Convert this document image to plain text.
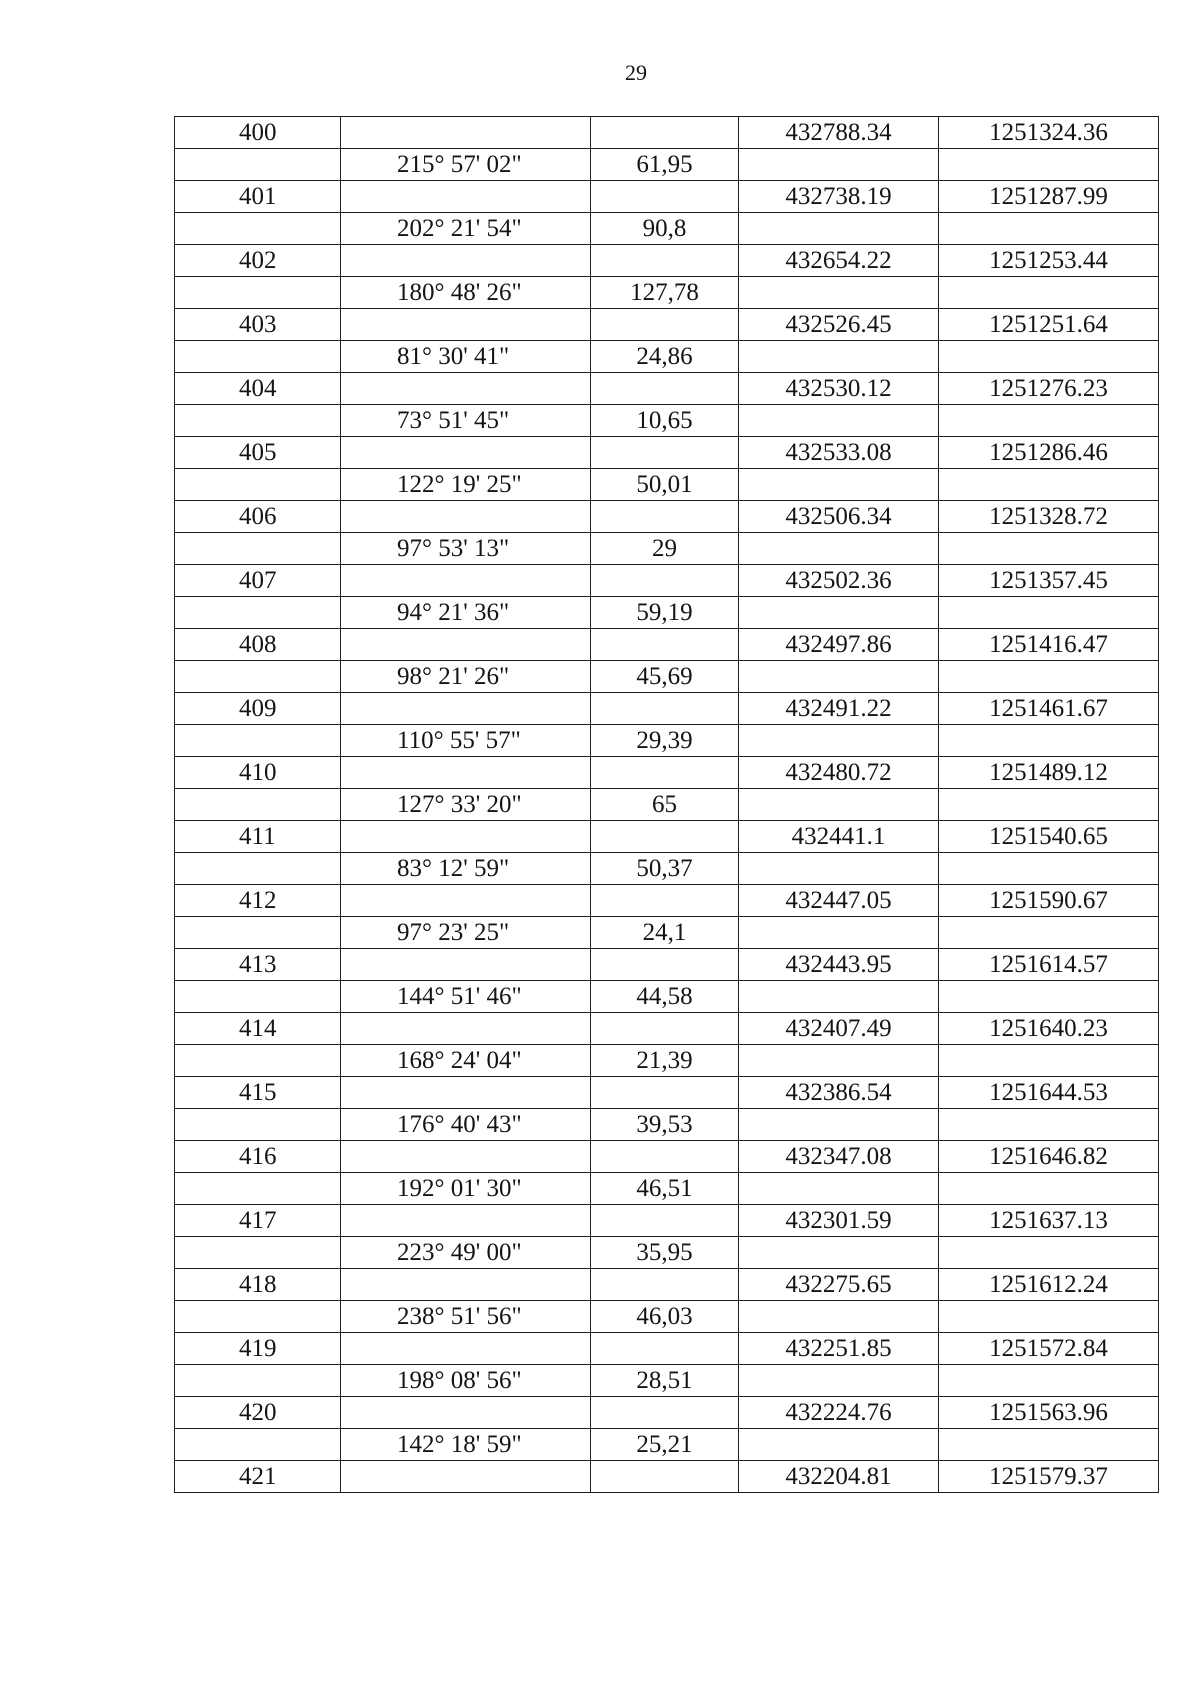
29
400			432788.34	1251324.36
	215° 57' 02"	61,95		
401			432738.19	1251287.99
	202° 21' 54"	90,8		
402			432654.22	1251253.44
	180° 48' 26"	127,78		
403			432526.45	1251251.64
	81° 30' 41"	24,86		
404			432530.12	1251276.23
	73° 51' 45"	10,65		
405			432533.08	1251286.46
	122° 19' 25"	50,01		
406			432506.34	1251328.72
	97° 53' 13"	29		
407			432502.36	1251357.45
	94° 21' 36"	59,19		
408			432497.86	1251416.47
	98° 21' 26"	45,69		
409			432491.22	1251461.67
	110° 55' 57"	29,39		
410			432480.72	1251489.12
	127° 33' 20"	65		
411			432441.1	1251540.65
	83° 12' 59"	50,37		
412			432447.05	1251590.67
	97° 23' 25"	24,1		
413			432443.95	1251614.57
	144° 51' 46"	44,58		
414			432407.49	1251640.23
	168° 24' 04"	21,39		
415			432386.54	1251644.53
	176° 40' 43"	39,53		
416			432347.08	1251646.82
	192° 01' 30"	46,51		
417			432301.59	1251637.13
	223° 49' 00"	35,95		
418			432275.65	1251612.24
	238° 51' 56"	46,03		
419			432251.85	1251572.84
	198° 08' 56"	28,51		
420			432224.76	1251563.96
	142° 18' 59"	25,21		
421			432204.81	1251579.37
